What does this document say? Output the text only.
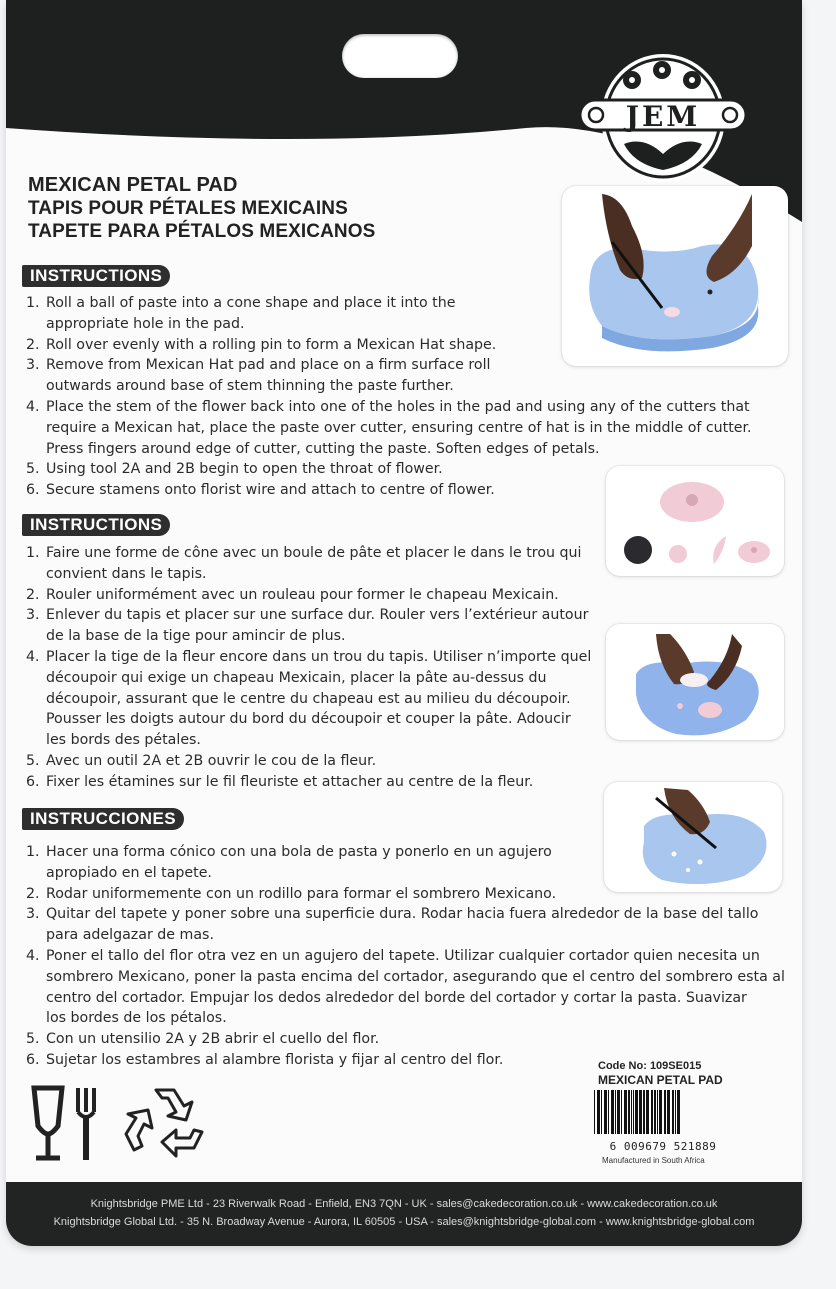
JEM
MEXICAN PETAL PAD
TAPIS POUR PÉTALES MEXICAINS
TAPETE PARA PÉTALOS MEXICANOS
INSTRUCTIONS
1. Roll a ball of paste into a cone shape and place it into the
appropriate hole in the pad.
2. Roll over evenly with a rolling pin to form a Mexican Hat shape.
3. Remove from Mexican Hat pad and place on a firm surface roll
outwards around base of stem thinning the paste further.
4. Place the stem of the flower back into one of the holes in the pad and using any of the cutters that
require a Mexican hat, place the paste over cutter, ensuring centre of hat is in the middle of cutter.
Press fingers around edge of cutter, cutting the paste. Soften edges of petals.
5. Using tool 2A and 2B begin to open the throat of flower.
6. Secure stamens onto florist wire and attach to centre of flower.
INSTRUCTIONS
1. Faire une forme de cône avec un boule de pâte et placer le dans le trou qui
convient dans le tapis.
2. Rouler uniformément avec un rouleau pour former le chapeau Mexicain.
3. Enlever du tapis et placer sur une surface dur. Rouler vers l’extérieur autour
de la base de la tige pour amincir de plus.
4. Placer la tige de la fleur encore dans un trou du tapis. Utiliser n’importe quel
découpoir qui exige un chapeau Mexicain, placer la pâte au-dessus du
découpoir, assurant que le centre du chapeau est au milieu du découpoir.
Pousser les doigts autour du bord du découpoir et couper la pâte. Adoucir
les bords des pétales.
5. Avec un outil 2A et 2B ouvrir le cou de la fleur.
6. Fixer les étamines sur le fil fleuriste et attacher au centre de la fleur.
INSTRUCCIONES
1. Hacer una forma cónico con una bola de pasta y ponerlo en un agujero
apropiado en el tapete.
2. Rodar uniformemente con un rodillo para formar el sombrero Mexicano.
3. Quitar del tapete y poner sobre una superficie dura. Rodar hacia fuera alrededor de la base del tallo
para adelgazar de mas.
4. Poner el tallo del flor otra vez en un agujero del tapete. Utilizar cualquier cortador quien necesita un
sombrero Mexicano, poner la pasta encima del cortador, asegurando que el centro del sombrero esta al
centro del cortador. Empujar los dedos alrededor del borde del cortador y cortar la pasta. Suavizar
los bordes de los pétalos.
5. Con un utensilio 2A y 2B abrir el cuello del flor.
6. Sujetar los estambres al alambre florista y fijar al centro del flor.	Code No: 109SE015
MEXICAN PETAL PAD
6 009679 521889
Manufactured in South Africa
Knightsbridge PME Ltd - 23 Riverwalk Road - Enfield, EN3 7QN - UK - sales@cakedecoration.co.uk - www.cakedecoration.co.uk
Knightsbridge Global Ltd. - 35 N. Broadway Avenue - Aurora, IL 60505 - USA - sales@knightsbridge-global.com - www.knightsbridge-global.com
